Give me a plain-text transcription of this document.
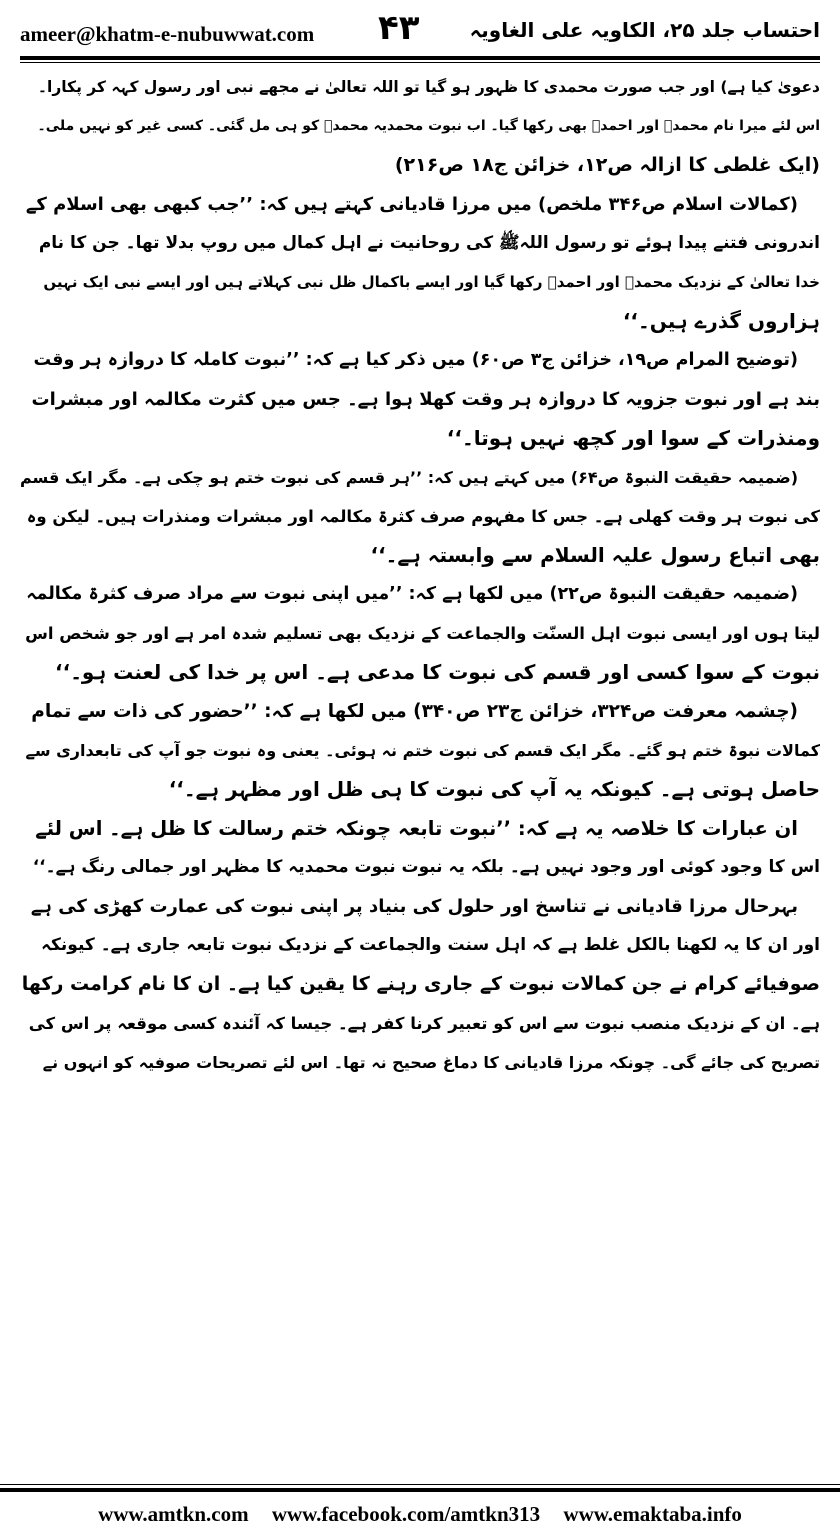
ameer@khatm-e-nubuwwat.com ۴۳	احتساب جلد ۲۵، الکاویہ علی الغاویہ
دعویٰ کیا ہے) اور جب صورت محمدی کا ظہور ہو گیا تو اللہ تعالیٰ نے مجھے نبی اور رسول کہہ کر پکارا۔
اس لئے میرا نام محمدؐ اور احمدؐ بھی رکھا گیا۔ اب نبوت محمدیہ محمدؐ کو ہی مل گئی۔ کسی غیر کو نہیں ملی۔
(ایک غلطی کا ازالہ ص۱۲، خزائن ج۱۸ ص۲۱۶)
(کمالات اسلام ص۳۴۶ ملخص) میں مرزا قادیانی کہتے ہیں کہ: ’’جب کبھی بھی اسلام کے
اندرونی فتنے پیدا ہوئے تو رسول اللہﷺ کی روحانیت نے اہل کمال میں روپ بدلا تھا۔ جن کا نام
خدا تعالیٰ کے نزدیک محمدؐ اور احمدؐ رکھا گیا اور ایسے باکمال ظل نبی کہلاتے ہیں اور ایسے نبی ایک نہیں
ہزاروں گذرے ہیں۔‘‘
(توضیح المرام ص۱۹، خزائن ج۳ ص۶۰) میں ذکر کیا ہے کہ: ’’نبوت کاملہ کا دروازہ ہر وقت
بند ہے اور نبوت جزویہ کا دروازہ ہر وقت کھلا ہوا ہے۔ جس میں کثرت مکالمہ اور مبشرات
ومنذرات کے سوا اور کچھ نہیں ہوتا۔‘‘
(ضمیمہ حقیقت النبوۃ ص۶۴) میں کہتے ہیں کہ: ’’ہر قسم کی نبوت ختم ہو چکی ہے۔ مگر ایک قسم
کی نبوت ہر وقت کھلی ہے۔ جس کا مفہوم صرف کثرۃ مکالمہ اور مبشرات ومنذرات ہیں۔ لیکن وہ
بھی اتباع رسول علیہ السلام سے وابستہ ہے۔‘‘
(ضمیمہ حقیقت النبوۃ ص۲۲) میں لکھا ہے کہ: ’’میں اپنی نبوت سے مراد صرف کثرۃ مکالمہ
لیتا ہوں اور ایسی نبوت اہل السنّت والجماعت کے نزدیک بھی تسلیم شدہ امر ہے اور جو شخص اس
نبوت کے سوا کسی اور قسم کی نبوت کا مدعی ہے۔ اس پر خدا کی لعنت ہو۔‘‘
(چشمہ معرفت ص۳۲۴، خزائن ج۲۳ ص۳۴۰) میں لکھا ہے کہ: ’’حضور کی ذات سے تمام
کمالات نبوۃ ختم ہو گئے۔ مگر ایک قسم کی نبوت ختم نہ ہوئی۔ یعنی وہ نبوت جو آپ کی تابعداری سے
حاصل ہوتی ہے۔ کیونکہ یہ آپ کی نبوت کا ہی ظل اور مظہر ہے۔‘‘
ان عبارات کا خلاصہ یہ ہے کہ: ’’نبوت تابعہ چونکہ ختم رسالت کا ظل ہے۔ اس لئے
اس کا وجود کوئی اور وجود نہیں ہے۔ بلکہ یہ نبوت نبوت محمدیہ کا مظہر اور جمالی رنگ ہے۔‘‘
بہرحال مرزا قادیانی نے تناسخ اور حلول کی بنیاد پر اپنی نبوت کی عمارت کھڑی کی ہے
اور ان کا یہ لکھنا بالکل غلط ہے کہ اہل سنت والجماعت کے نزدیک نبوت تابعہ جاری ہے۔ کیونکہ
صوفیائے کرام نے جن کمالات نبوت کے جاری رہنے کا یقین کیا ہے۔ ان کا نام کرامت رکھا
ہے۔ ان کے نزدیک منصب نبوت سے اس کو تعبیر کرنا کفر ہے۔ جیسا کہ آئندہ کسی موقعہ پر اس کی
تصریح کی جائے گی۔ چونکہ مرزا قادیانی کا دماغ صحیح نہ تھا۔ اس لئے تصریحات صوفیہ کو انہوں نے
www.amtkn.com www.facebook.com/amtkn313 www.emaktaba.info
